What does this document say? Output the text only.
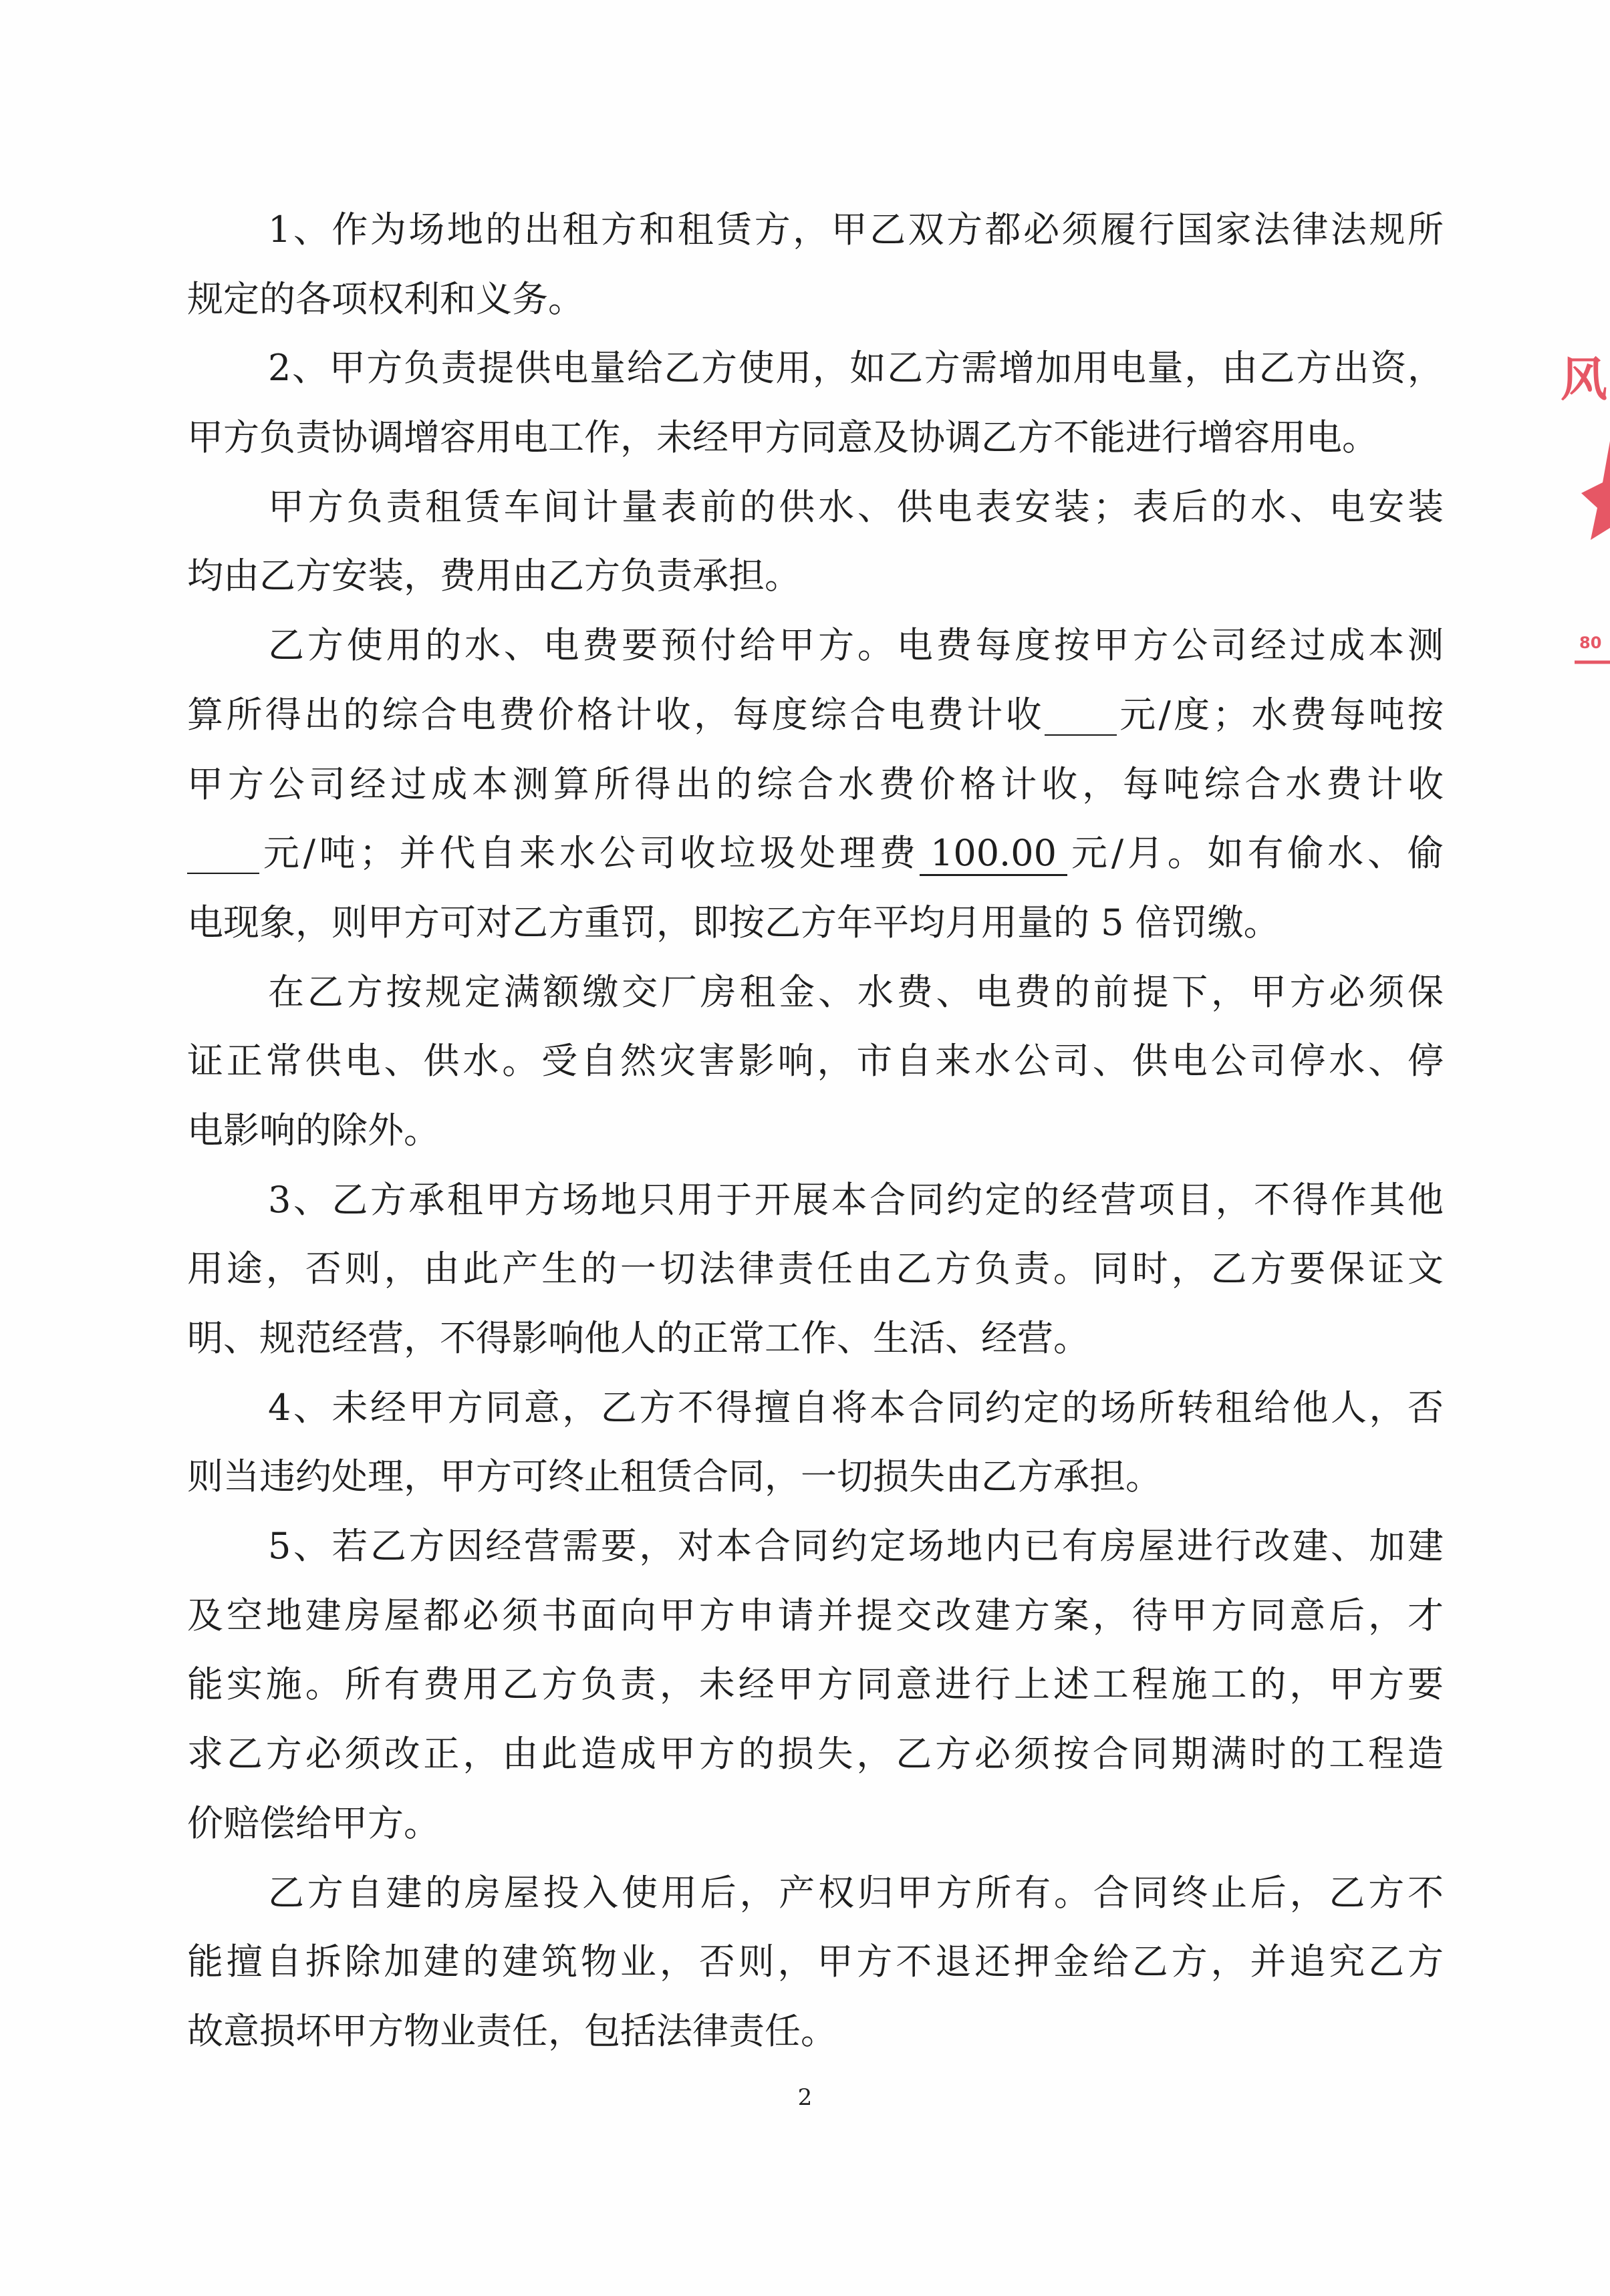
1、作为场地的出租方和租赁方，甲乙双方都必须履行国家法律法规所
规定的各项权利和义务。
2、甲方负责提供电量给乙方使用，如乙方需增加用电量，由乙方出资，
甲方负责协调增容用电工作，未经甲方同意及协调乙方不能进行增容用电。
甲方负责租赁车间计量表前的供水、供电表安装；表后的水、电安装
均由乙方安装，费用由乙方负责承担。
乙方使用的水、电费要预付给甲方。电费每度按甲方公司经过成本测
算所得出的综合电费价格计收，每度综合电费计收____元/度；水费每吨按
甲方公司经过成本测算所得出的综合水费价格计收，每吨综合水费计收
____元/吨；并代自来水公司收垃圾处理费 100.00 元/月。如有偷水、偷
电现象，则甲方可对乙方重罚，即按乙方年平均月用量的 5 倍罚缴。
在乙方按规定满额缴交厂房租金、水费、电费的前提下，甲方必须保
证正常供电、供水。受自然灾害影响，市自来水公司、供电公司停水、停
电影响的除外。
3、乙方承租甲方场地只用于开展本合同约定的经营项目，不得作其他
用途，否则，由此产生的一切法律责任由乙方负责。同时，乙方要保证文
明、规范经营，不得影响他人的正常工作、生活、经营。
4、未经甲方同意，乙方不得擅自将本合同约定的场所转租给他人，否
则当违约处理，甲方可终止租赁合同，一切损失由乙方承担。
5、若乙方因经营需要，对本合同约定场地内已有房屋进行改建、加建
及空地建房屋都必须书面向甲方申请并提交改建方案，待甲方同意后，才
能实施。所有费用乙方负责，未经甲方同意进行上述工程施工的，甲方要
求乙方必须改正，由此造成甲方的损失，乙方必须按合同期满时的工程造
价赔偿给甲方。
乙方自建的房屋投入使用后，产权归甲方所有。合同终止后，乙方不
能擅自拆除加建的建筑物业，否则，甲方不退还押金给乙方，并追究乙方
故意损坏甲方物业责任，包括法律责任。
2
风
80
